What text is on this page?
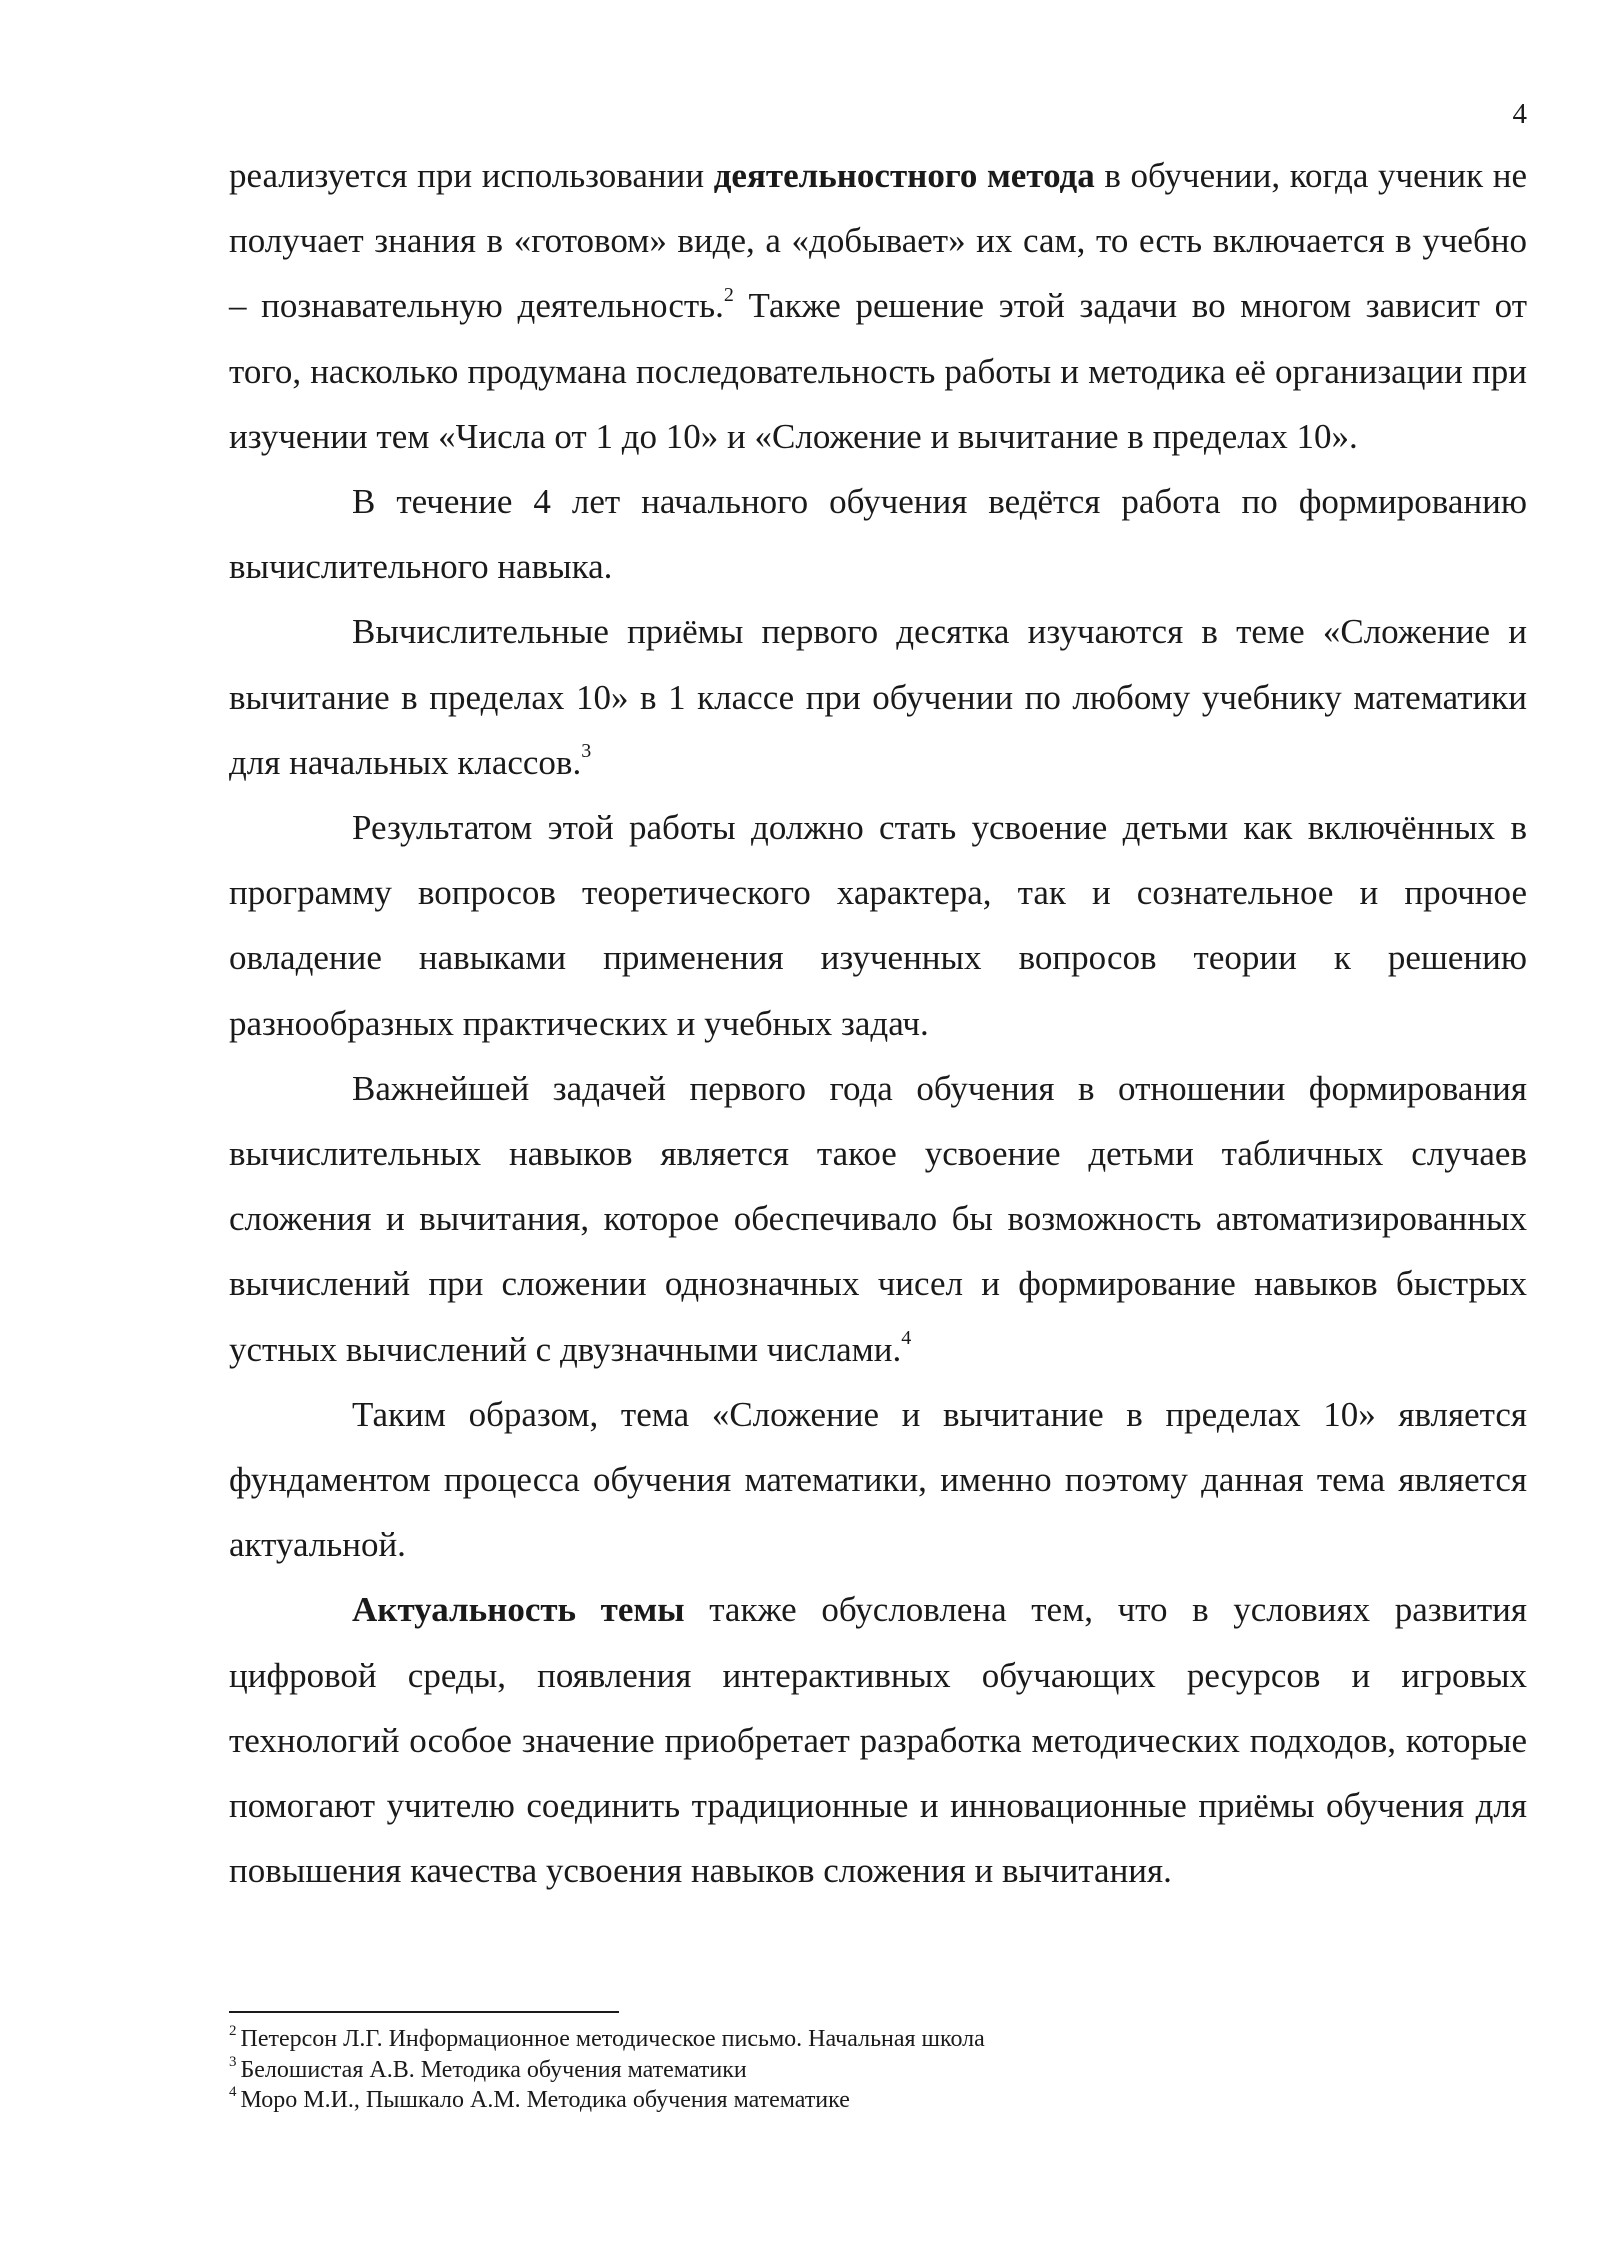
4

реализуется при использовании деятельностного метода в обучении, когда ученик не получает знания в «готовом» виде, а «добывает» их сам, то есть включается в учебно – познавательную деятельность.$^2$ Также решение этой задачи во многом зависит от того, насколько продумана последовательность работы и методика её организации при изучении тем «Числа от 1 до 10» и «Сложение и вычитание в пределах 10».

В течение 4 лет начального обучения ведётся работа по формированию вычислительного навыка.

Вычислительные приёмы первого десятка изучаются в теме «Сложение и вычитание в пределах 10» в 1 классе при обучении по любому учебнику математики для начальных классов.$^3$

Результатом этой работы должно стать усвоение детьми как включённых в программу вопросов теоретического характера, так и сознательное и прочное овладение навыками применения изученных вопросов теории к решению разнообразных практических и учебных задач.

Важнейшей задачей первого года обучения в отношении формирования вычислительных навыков является такое усвоение детьми табличных случаев сложения и вычитания, которое обеспечивало бы возможность автоматизированных вычислений при сложении однозначных чисел и формирование навыков быстрых устных вычислений с двузначными числами.$^4$

Таким образом, тема «Сложение и вычитание в пределах 10» является фундаментом процесса обучения математики, именно поэтому данная тема является актуальной.

Актуальность темы также обусловлена тем, что в условиях развития цифровой среды, появления интерактивных обучающих ресурсов и игровых технологий особое значение приобретает разработка методических подходов, которые помогают учителю соединить традиционные и инновационные приёмы обучения для повышения качества усвоения навыков сложения и вычитания.

$^2$ Петерсон Л.Г. Информационное методическое письмо. Начальная школа
$^3$ Белошистая А.В. Методика обучения математики
$^4$ Моро М.И., Пышкало А.М. Методика обучения математике
